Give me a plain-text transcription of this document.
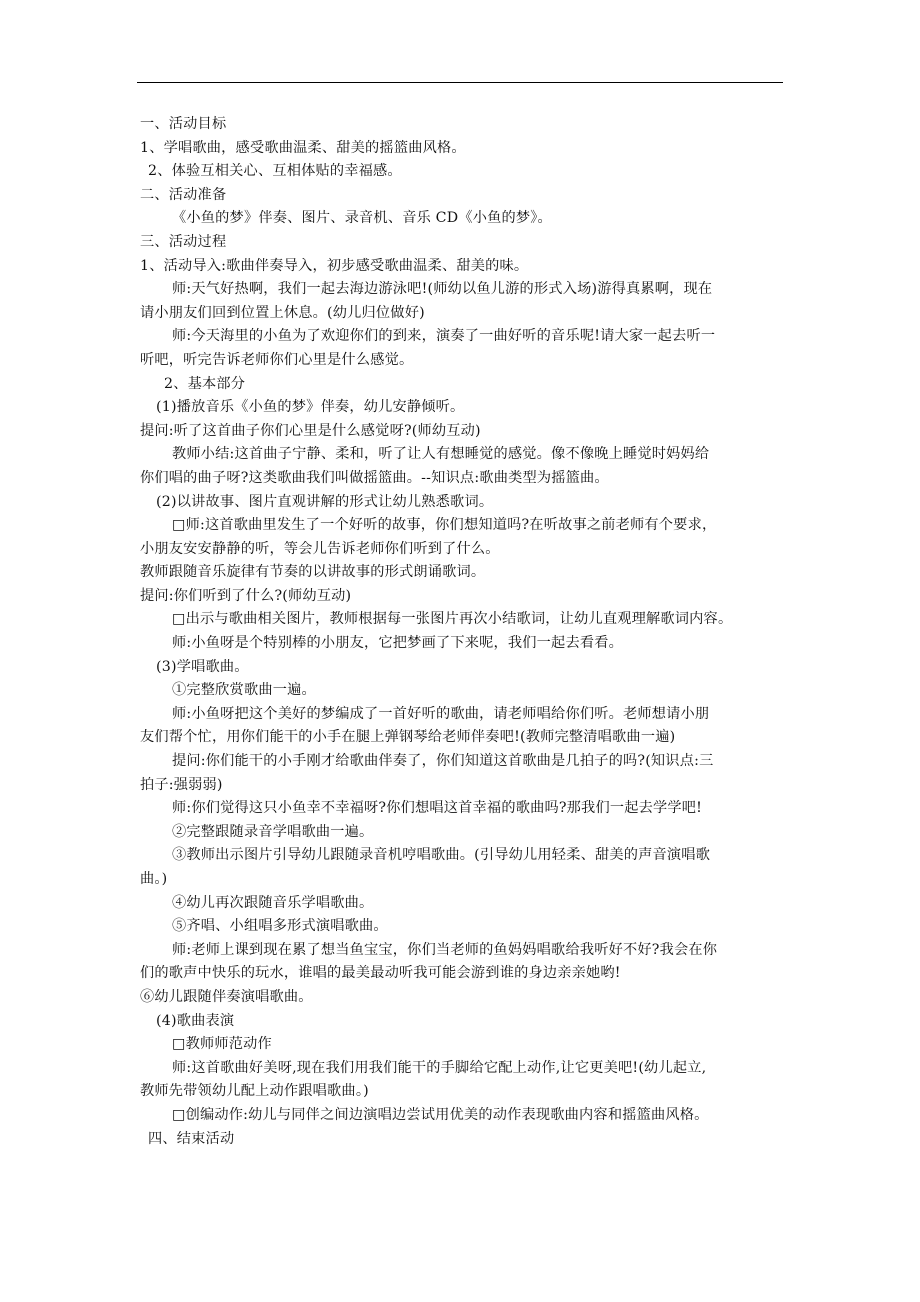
一、活动目标
1、学唱歌曲，感受歌曲温柔、甜美的摇篮曲风格。
2、体验互相关心、互相体贴的幸福感。
二、活动准备
《小鱼的梦》伴奏、图片、录音机、音乐 CD《小鱼的梦》。
三、活动过程
1、活动导入:歌曲伴奏导入，初步感受歌曲温柔、甜美的味。
师:天气好热啊，我们一起去海边游泳吧!(师幼以鱼儿游的形式入场)游得真累啊，现在
请小朋友们回到位置上休息。(幼儿归位做好)
师:今天海里的小鱼为了欢迎你们的到来，演奏了一曲好听的音乐呢!请大家一起去听一
听吧，听完告诉老师你们心里是什么感觉。
2、基本部分
(1)播放音乐《小鱼的梦》伴奏，幼儿安静倾听。
提问:听了这首曲子你们心里是什么感觉呀?(师幼互动)
教师小结:这首曲子宁静、柔和，听了让人有想睡觉的感觉。像不像晚上睡觉时妈妈给
你们唱的曲子呀?这类歌曲我们叫做摇篮曲。--知识点:歌曲类型为摇篮曲。
(2)以讲故事、图片直观讲解的形式让幼儿熟悉歌词。
□师:这首歌曲里发生了一个好听的故事，你们想知道吗?在听故事之前老师有个要求，
小朋友安安静静的听，等会儿告诉老师你们听到了什么。
教师跟随音乐旋律有节奏的以讲故事的形式朗诵歌词。
提问:你们听到了什么?(师幼互动)
□出示与歌曲相关图片，教师根据每一张图片再次小结歌词，让幼儿直观理解歌词内容。
师:小鱼呀是个特别棒的小朋友，它把梦画了下来呢，我们一起去看看。
(3)学唱歌曲。
①完整欣赏歌曲一遍。
师:小鱼呀把这个美好的梦编成了一首好听的歌曲，请老师唱给你们听。老师想请小朋
友们帮个忙，用你们能干的小手在腿上弹钢琴给老师伴奏吧!(教师完整清唱歌曲一遍)
提问:你们能干的小手刚才给歌曲伴奏了，你们知道这首歌曲是几拍子的吗?(知识点:三
拍子:强弱弱)
师:你们觉得这只小鱼幸不幸福呀?你们想唱这首幸福的歌曲吗?那我们一起去学学吧!
②完整跟随录音学唱歌曲一遍。
③教师出示图片引导幼儿跟随录音机哼唱歌曲。(引导幼儿用轻柔、甜美的声音演唱歌
曲。)
④幼儿再次跟随音乐学唱歌曲。
⑤齐唱、小组唱多形式演唱歌曲。
师:老师上课到现在累了想当鱼宝宝，你们当老师的鱼妈妈唱歌给我听好不好?我会在你
们的歌声中快乐的玩水，谁唱的最美最动听我可能会游到谁的身边亲亲她哟!
⑥幼儿跟随伴奏演唱歌曲。
(4)歌曲表演
□教师师范动作
师:这首歌曲好美呀,现在我们用我们能干的手脚给它配上动作,让它更美吧!(幼儿起立,
教师先带领幼儿配上动作跟唱歌曲。)
□创编动作:幼儿与同伴之间边演唱边尝试用优美的动作表现歌曲内容和摇篮曲风格。
四、结束活动
